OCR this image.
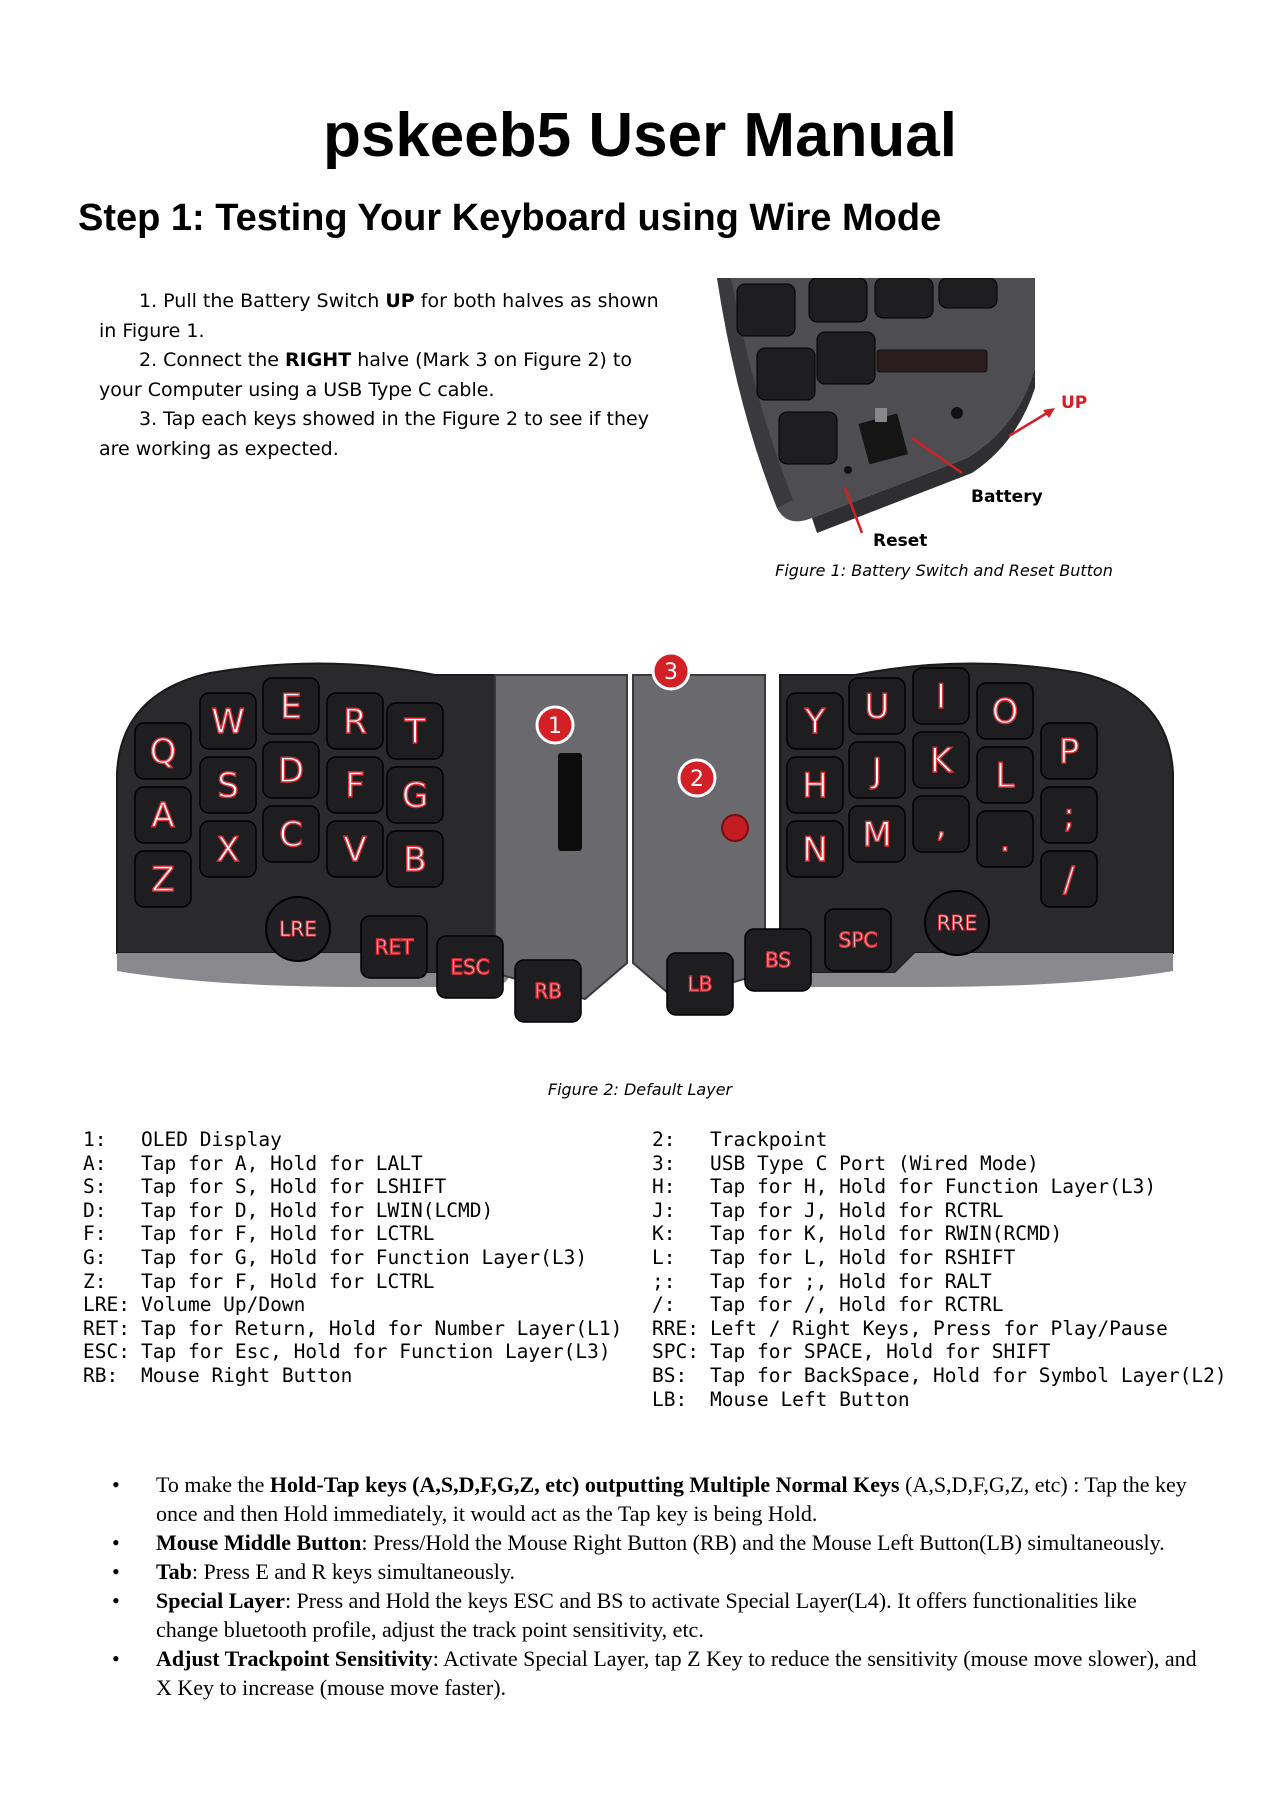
pskeeb5 User Manual
Step 1: Testing Your Keyboard using Wire Mode

1. Pull the Battery Switch UP for both halves as shown in Figure 1.

2. Connect the RIGHT halve (Mark 3 on Figure 2) to your Computer using a USB Type C cable.

3. Tap each keys showed in the Figure 2 to see if they are working as expected.

UP
Battery
Reset
Figure 1: Battery Switch and Reset Button
Q
A
Z
W
S
X
E
D
C
R
F
V
T
G
B
Y
H
N
U
J
M
I
K
,
O
L
.
P
;
/
LRE	RRE
RET
ESC
RB	LB
BS
SPC
1
2
3
Figure 2: Default Layer
1:	OLED Display
A:	Tap for A, Hold for LALT
S:	Tap for S, Hold for LSHIFT
D:	Tap for D, Hold for LWIN(LCMD)
F:	Tap for F, Hold for LCTRL
G:	Tap for G, Hold for Function Layer(L3)
Z:	Tap for F, Hold for LCTRL
LRE: Volume Up/Down
RET: Tap for Return, Hold for Number Layer(L1)
ESC: Tap for Esc, Hold for Function Layer(L3)
RB:	Mouse Right Button
2:	Trackpoint
3:	USB Type C Port (Wired Mode)
H:	Tap for H, Hold for Function Layer(L3)
J:	Tap for J, Hold for RCTRL
K:	Tap for K, Hold for RWIN(RCMD)
L:	Tap for L, Hold for RSHIFT
;:	Tap for ;, Hold for RALT
/:	Tap for /, Hold for RCTRL
RRE: Left / Right Keys, Press for Play/Pause
SPC: Tap for SPACE, Hold for SHIFT
BS:	Tap for BackSpace, Hold for Symbol Layer(L2)
LB:	Mouse Left Button
• To make the Hold-Tap keys (A,S,D,F,G,Z, etc) outputting Multiple Normal Keys (A,S,D,F,G,Z, etc) : Tap the key once and then Hold immediately, it would act as the Tap key is being Hold.
• Mouse Middle Button: Press/Hold the Mouse Right Button (RB) and the Mouse Left Button(LB) simultaneously.
• Tab: Press E and R keys simultaneously.
• Special Layer: Press and Hold the keys ESC and BS to activate Special Layer(L4). It offers functionalities like change bluetooth profile, adjust the track point sensitivity, etc.
• Adjust Trackpoint Sensitivity: Activate Special Layer, tap Z Key to reduce the sensitivity (mouse move slower), and X Key to increase (mouse move faster).
